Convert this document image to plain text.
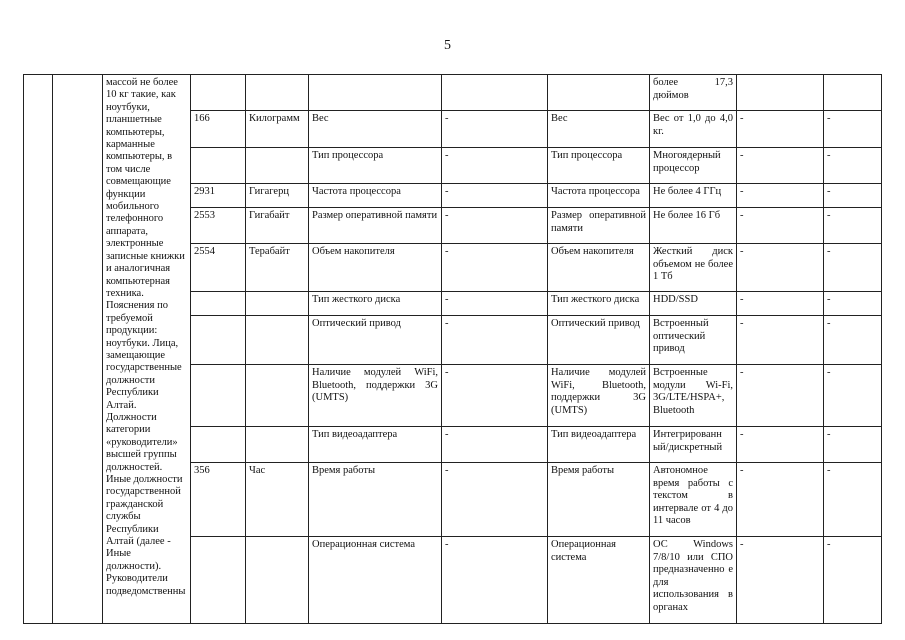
5
		массой не более 10 кг такие, как ноутбуки, планшетные компьютеры, карманные компьютеры, в том числе совмещающие функции мобильного телефонного аппарата, электронные записные книжки и аналогичная компьютерная техника. Пояснения по требуемой продукции: ноутбуки. Лица, замещающие государственные должности Республики Алтай. Должности категории «руководители» высшей группы должностей. Иные должности государственной гражданской службы Республики Алтай (далее - Иные должности). Руководители подведомственны						более 17,3 дюймов		
			166	Килограмм	Вес	-	Вес	Вес от 1,0 до 4,0 кг.	-	-
					Тип процессора	-	Тип процессора	Многоядерный процессор	-	-
			2931	Гигагерц	Частота процессора	-	Частота процессора	Не более 4 ГГц	-	-
			2553	Гигабайт	Размер оперативной памяти	-	Размер оперативной памяти	Не более 16 Гб	-	-
			2554	Терабайт	Объем накопителя	-	Объем накопителя	Жесткий диск объемом не более 1 Тб	-	-
					Тип жесткого диска	-	Тип жесткого диска	HDD/SSD	-	-
					Оптический привод	-	Оптический привод	Встроенный оптический привод	-	-
					Наличие модулей WiFi, Bluetooth, поддержки 3G (UMTS)	-	Наличие модулей WiFi, Bluetooth, поддержки 3G (UMTS)	Встроенные модули Wi-Fi, 3G/LTE/HSPA+, Bluetooth	-	-
					Тип видеоадаптера	-	Тип видеоадаптера	Интегрированн ый/дискретный	-	-
			356	Час	Время работы	-	Время работы	Автономное время работы с текстом в интервале от 4 до 11 часов	-	-
					Операционная система	-	Операционная система	ОС Windows 7/8/10 или СПО предназначенно е для использования в органах	-	-
